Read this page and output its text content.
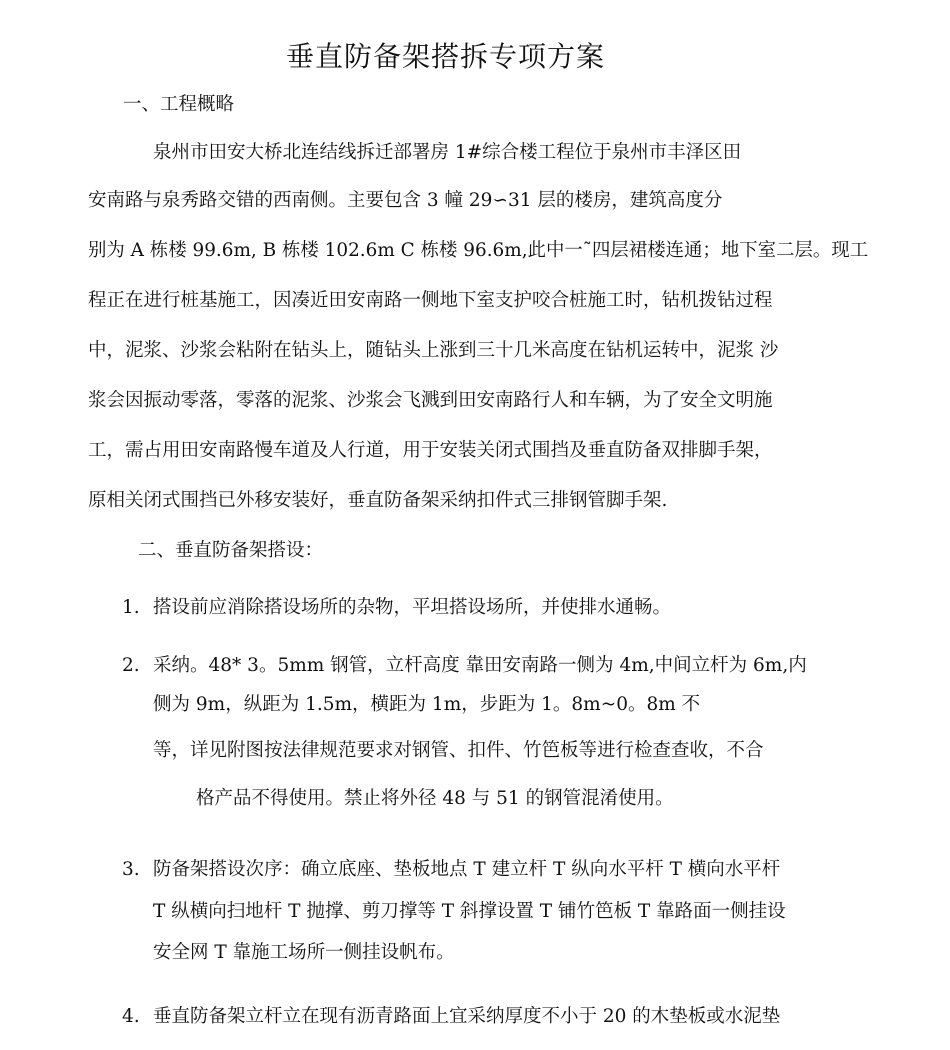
垂直防备架搭拆专项方案
一、工程概略
泉州市田安大桥北连结线拆迁部署房 1#综合楼工程位于泉州市丰泽区田
安南路与泉秀路交错的西南侧。主要包含 3 幢 29∽31 层的楼房，建筑高度分
别为 A 栋楼 99.6m, B 栋楼 102.6m C 栋楼 96.6m,此中一˜四层裙楼连通；地下室二层。现工
程正在进行桩基施工，因凑近田安南路一侧地下室支护咬合桩施工时，钻机拨钻过程
中，泥浆、沙浆会粘附在钻头上，随钻头上涨到三十几米高度在钻机运转中，泥浆 沙
浆会因振动零落，零落的泥浆、沙浆会飞溅到田安南路行人和车辆，为了安全文明施
工，需占用田安南路慢车道及人行道，用于安装关闭式围挡及垂直防备双排脚手架，
原相关闭式围挡已外移安装好，垂直防备架采纳扣件式三排钢管脚手架.
二、垂直防备架搭设：
1. 搭设前应消除搭设场所的杂物，平坦搭设场所，并使排水通畅。
2. 采纳。48* 3。5mm 钢管，立杆高度 靠田安南路一侧为 4m,中间立杆为 6m,内
侧为 9m，纵距为 1.5m，横距为 1m，步距为 1。8m~0。8m 不
等，详见附图按法律规范要求对钢管、扣件、竹笆板等进行检查查收，不合
格产品不得使用。禁止将外径 48 与 51 的钢管混淆使用。
3. 防备架搭设次序：确立底座、垫板地点 T 建立杆 T 纵向水平杆 T 横向水平杆
T 纵横向扫地杆 T 抛撑、剪刀撑等 T 斜撑设置 T 铺竹笆板 T 靠路面一侧挂设
安全网 T 靠施工场所一侧挂设帆布。
4. 垂直防备架立杆立在现有沥青路面上宜采纳厚度不小于 20 的木垫板或水泥垫
